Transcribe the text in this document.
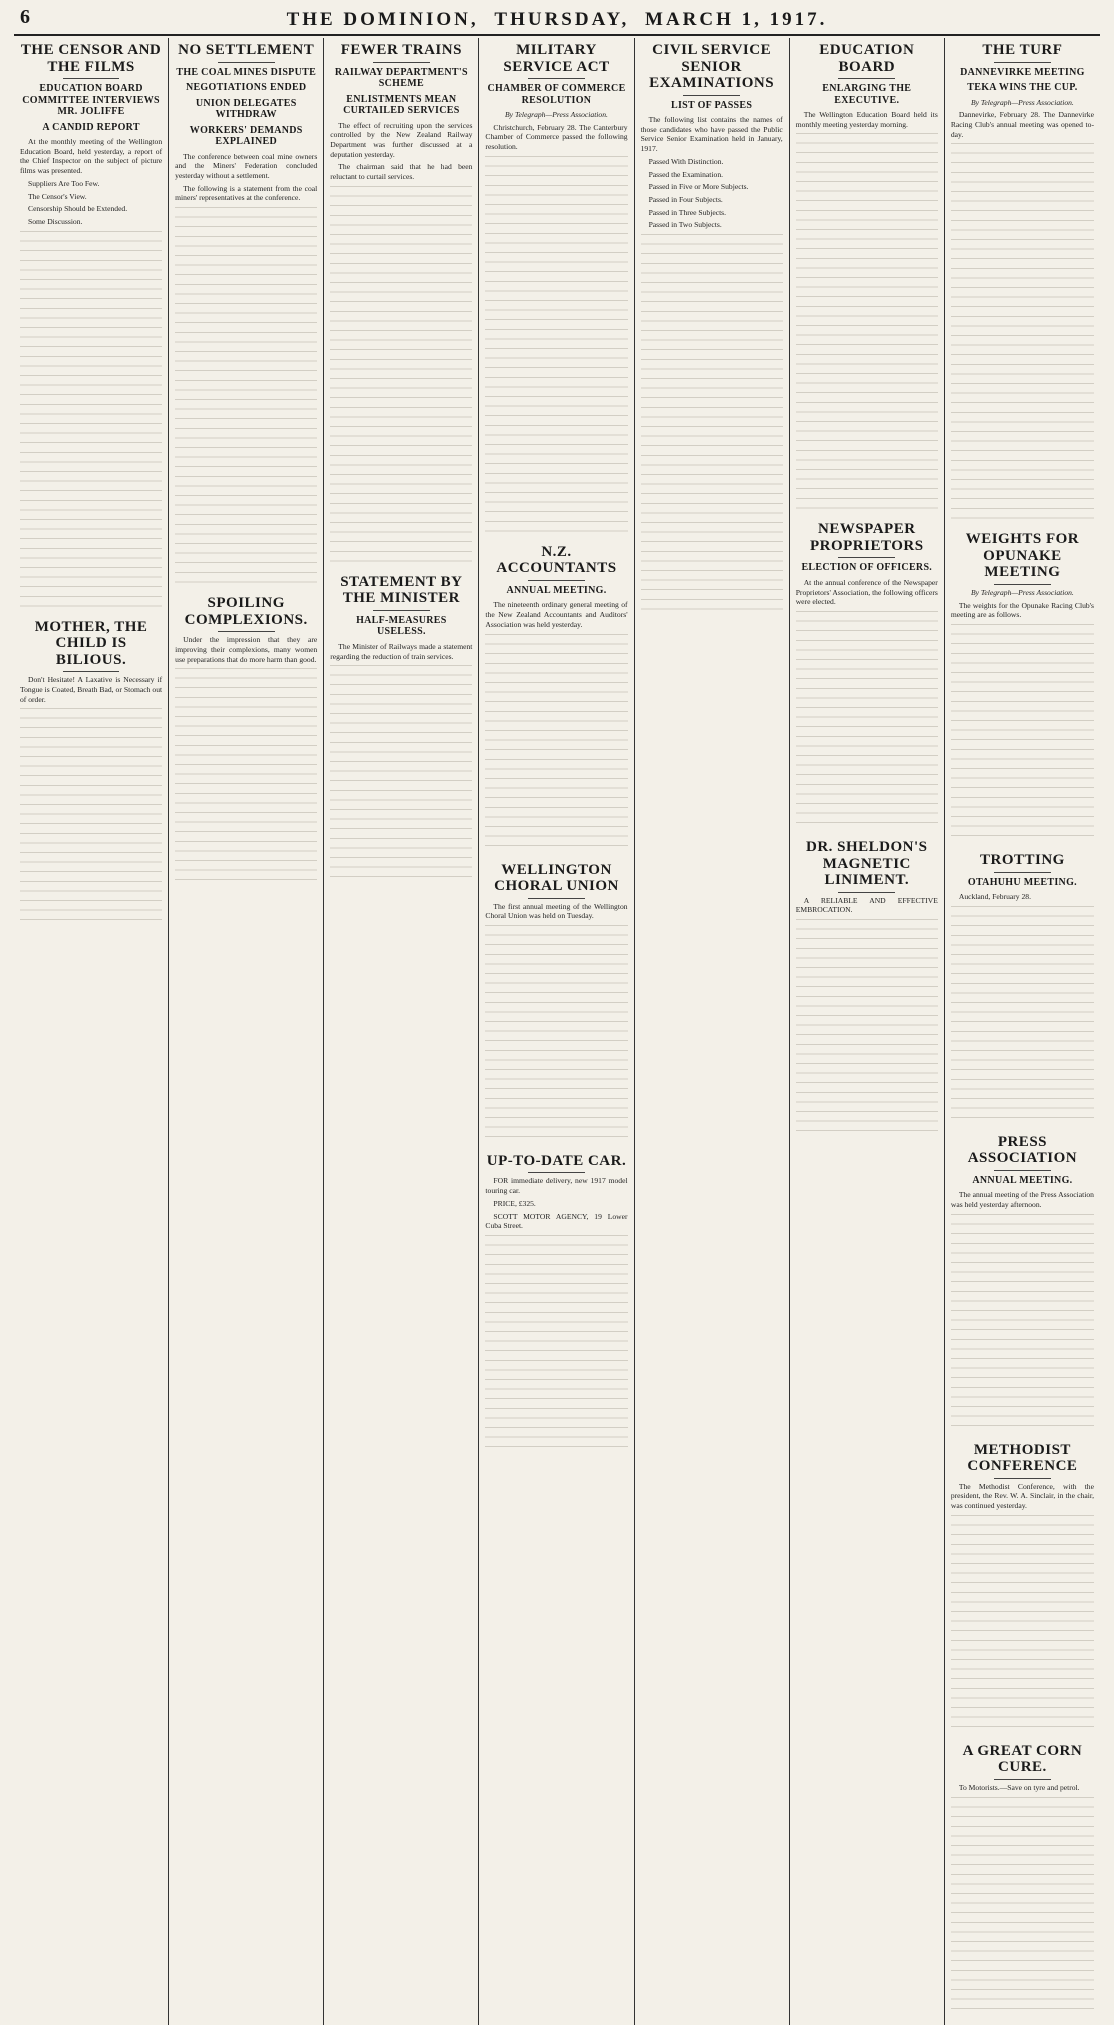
6	THE DOMINION, THURSDAY, MARCH 1, 1917.
THE CENSOR AND THE FILMS
EDUCATION BOARD COMMITTEE INTERVIEWS MR. JOLIFFE
A CANDID REPORT

At the monthly meeting of the Wellington Education Board, held yesterday, a report of the Chief Inspector on the subject of picture films was presented.

Suppliers Are Too Few.

The Censor's View.

Censorship Should be Extended.

Some Discussion.

MOTHER, THE CHILD IS BILIOUS.

Don't Hesitate! A Laxative is Necessary if Tongue is Coated, Breath Bad, or Stomach out of order.

NO SETTLEMENT
THE COAL MINES DISPUTE
NEGOTIATIONS ENDED
UNION DELEGATES WITHDRAW
WORKERS' DEMANDS EXPLAINED

The conference between coal mine owners and the Miners' Federation concluded yesterday without a settlement.

The following is a statement from the coal miners' representatives at the conference.

SPOILING COMPLEXIONS.

Under the impression that they are improving their complexions, many women use preparations that do more harm than good.

FEWER TRAINS
RAILWAY DEPARTMENT'S SCHEME
ENLISTMENTS MEAN CURTAILED SERVICES

The effect of recruiting upon the services controlled by the New Zealand Railway Department was further discussed at a deputation yesterday.

The chairman said that he had been reluctant to curtail services.

STATEMENT BY THE MINISTER
HALF-MEASURES USELESS.

The Minister of Railways made a statement regarding the reduction of train services.

MILITARY SERVICE ACT
CHAMBER OF COMMERCE RESOLUTION

By Telegraph—Press Association.

Christchurch, February 28. The Canterbury Chamber of Commerce passed the following resolution.

N.Z. ACCOUNTANTS
ANNUAL MEETING.

The nineteenth ordinary general meeting of the New Zealand Accountants and Auditors' Association was held yesterday.

WELLINGTON CHORAL UNION

The first annual meeting of the Wellington Choral Union was held on Tuesday.

UP-TO-DATE CAR.

FOR immediate delivery, new 1917 model touring car.

PRICE, £325.

SCOTT MOTOR AGENCY, 19 Lower Cuba Street.

CIVIL SERVICE SENIOR EXAMINATIONS
LIST OF PASSES

The following list contains the names of those candidates who have passed the Public Service Senior Examination held in January, 1917.

Passed With Distinction.

Passed the Examination.

Passed in Five or More Subjects.

Passed in Four Subjects.

Passed in Three Subjects.

Passed in Two Subjects.

EDUCATION BOARD
ENLARGING THE EXECUTIVE.

The Wellington Education Board held its monthly meeting yesterday morning.

NEWSPAPER PROPRIETORS
ELECTION OF OFFICERS.

At the annual conference of the Newspaper Proprietors' Association, the following officers were elected.

DR. SHELDON'S MAGNETIC LINIMENT.

A RELIABLE AND EFFECTIVE EMBROCATION.

THE TURF
DANNEVIRKE MEETING
TEKA WINS THE CUP.

By Telegraph—Press Association.

Dannevirke, February 28. The Dannevirke Racing Club's annual meeting was opened to-day.

WEIGHTS FOR OPUNAKE MEETING

By Telegraph—Press Association.

The weights for the Opunake Racing Club's meeting are as follows.

TROTTING
OTAHUHU MEETING.

Auckland, February 28.

PRESS ASSOCIATION
ANNUAL MEETING.

The annual meeting of the Press Association was held yesterday afternoon.

METHODIST CONFERENCE

The Methodist Conference, with the president, the Rev. W. A. Sinclair, in the chair, was continued yesterday.

A GREAT CORN CURE.

To Motorists.—Save on tyre and petrol.
